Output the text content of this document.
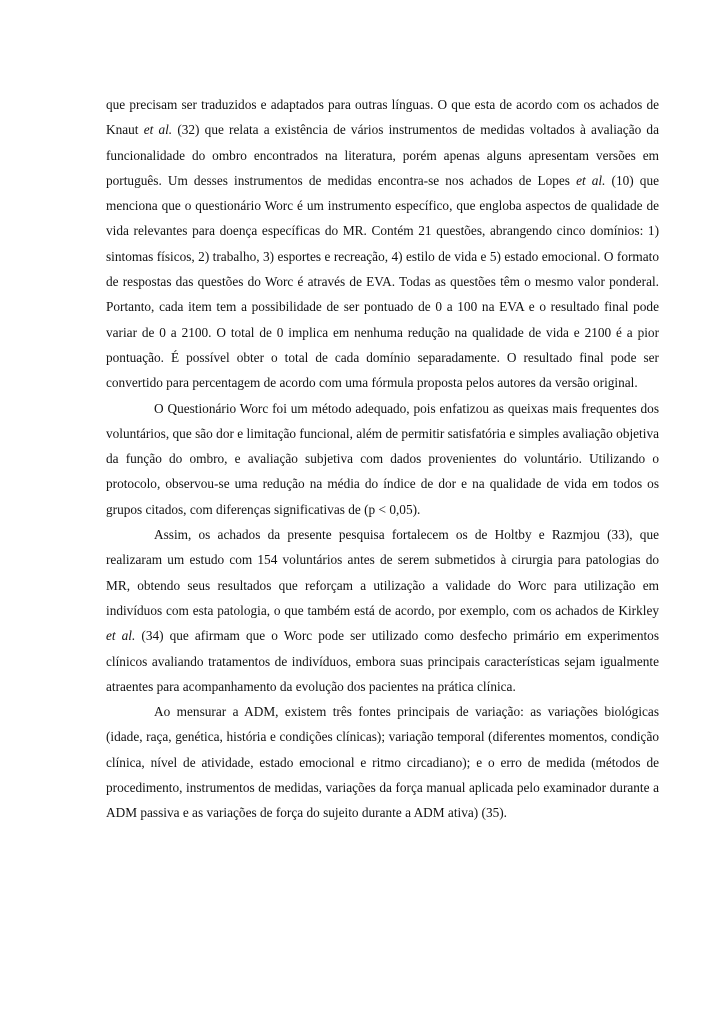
que precisam ser traduzidos e adaptados para outras línguas. O que esta de acordo com os achados de Knaut et al. (32) que relata a existência de vários instrumentos de medidas voltados à avaliação da funcionalidade do ombro encontrados na literatura, porém apenas alguns apresentam versões em português. Um desses instrumentos de medidas encontra-se nos achados de Lopes et al. (10) que menciona que o questionário Worc é um instrumento específico, que engloba aspectos de qualidade de vida relevantes para doença específicas do MR. Contém 21 questões, abrangendo cinco domínios: 1) sintomas físicos, 2) trabalho, 3) esportes e recreação, 4) estilo de vida e 5) estado emocional. O formato de respostas das questões do Worc é através de EVA. Todas as questões têm o mesmo valor ponderal. Portanto, cada item tem a possibilidade de ser pontuado de 0 a 100 na EVA e o resultado final pode variar de 0 a 2100. O total de 0 implica em nenhuma redução na qualidade de vida e 2100 é a pior pontuação. É possível obter o total de cada domínio separadamente. O resultado final pode ser convertido para percentagem de acordo com uma fórmula proposta pelos autores da versão original.

O Questionário Worc foi um método adequado, pois enfatizou as queixas mais frequentes dos voluntários, que são dor e limitação funcional, além de permitir satisfatória e simples avaliação objetiva da função do ombro, e avaliação subjetiva com dados provenientes do voluntário. Utilizando o protocolo, observou-se uma redução na média do índice de dor e na qualidade de vida em todos os grupos citados, com diferenças significativas de (p < 0,05).

Assim, os achados da presente pesquisa fortalecem os de Holtby e Razmjou (33), que realizaram um estudo com 154 voluntários antes de serem submetidos à cirurgia para patologias do MR, obtendo seus resultados que reforçam a utilização a validade do Worc para utilização em indivíduos com esta patologia, o que também está de acordo, por exemplo, com os achados de Kirkley et al. (34) que afirmam que o Worc pode ser utilizado como desfecho primário em experimentos clínicos avaliando tratamentos de indivíduos, embora suas principais características sejam igualmente atraentes para acompanhamento da evolução dos pacientes na prática clínica.

Ao mensurar a ADM, existem três fontes principais de variação: as variações biológicas (idade, raça, genética, história e condições clínicas); variação temporal (diferentes momentos, condição clínica, nível de atividade, estado emocional e ritmo circadiano); e o erro de medida (métodos de procedimento, instrumentos de medidas, variações da força manual aplicada pelo examinador durante a ADM passiva e as variações de força do sujeito durante a ADM ativa) (35).
